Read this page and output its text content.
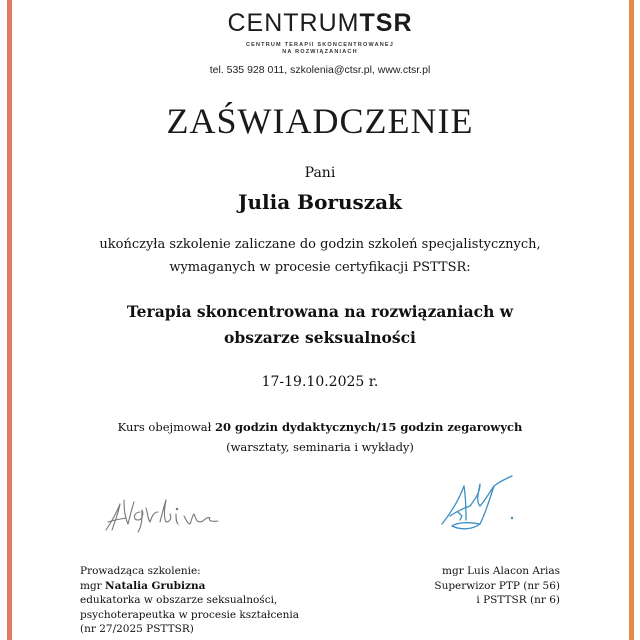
CENTRUMTSR
CENTRUM TERAPII SKONCENTROWANEJ
NA ROZWIĄZANIACH
tel. 535 928 011, szkolenia@ctsr.pl, www.ctsr.pl
ZAŚWIADCZENIE
Pani
Julia Boruszak
ukończyła szkolenie zaliczane do godzin szkoleń specjalistycznych,
wymaganych w procesie certyfikacji PSTTSR:
Terapia skoncentrowana na rozwiązaniach w
obszarze seksualności
17-19.10.2025 r.
Kurs obejmował 20 godzin dydaktycznych/15 godzin zegarowych
(warsztaty, seminaria i wykłady)
Prowadząca szkolenie:
mgr Natalia Grubizna
edukatorka w obszarze seksualności,
psychoterapeutka w procesie kształcenia
(nr 27/2025 PSTTSR)
mgr Luis Alacon Arias
Superwizor PTP (nr 56)
i PSTTSR (nr 6)
